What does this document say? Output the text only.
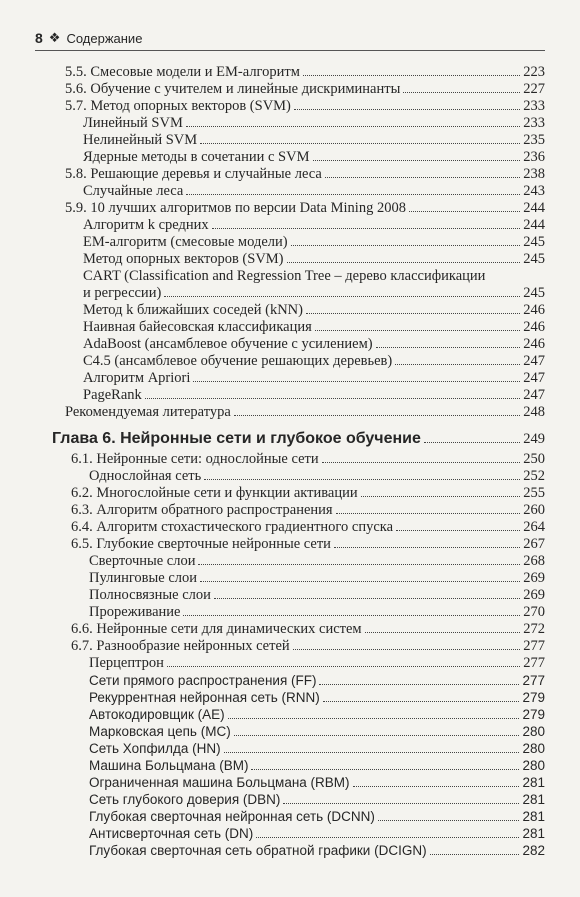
8 ❖ Содержание
5.5. Смесовые модели и EM-алгоритм	223
5.6. Обучение с учителем и линейные дискриминанты	227
5.7. Метод опорных векторов (SVM)	233
Линейный SVM	233
Нелинейный SVM	235
Ядерные методы в сочетании с SVM	236
5.8. Решающие деревья и случайные леса	238
Случайные леса	243
5.9. 10 лучших алгоритмов по версии Data Mining 2008	244
Алгоритм k средних	244
EM-алгоритм (смесовые модели)	245
Метод опорных векторов (SVM)	245
CART (Classification and Regression Tree – дерево классификации
и регрессии)	245
Метод k ближайших соседей (kNN)	246
Наивная байесовская классификация	246
AdaBoost (ансамблевое обучение с усилением)	246
C4.5 (ансамблевое обучение решающих деревьев)	247
Алгоритм Apriori	247
PageRank	247
Рекомендуемая литература	248
Глава 6. Нейронные сети и глубокое обучение	249
6.1. Нейронные сети: однослойные сети	250
Однослойная сеть	252
6.2. Многослойные сети и функции активации	255
6.3. Алгоритм обратного распространения	260
6.4. Алгоритм стохастического градиентного спуска	264
6.5. Глубокие сверточные нейронные сети	267
Сверточные слои	268
Пулинговые слои	269
Полносвязные слои	269
Прореживание	270
6.6. Нейронные сети для динамических систем	272
6.7. Разнообразие нейронных сетей	277
Перцептрон	277
Сети прямого распространения (FF)	277
Рекуррентная нейронная сеть (RNN)	279
Автокодировщик (AE)	279
Марковская цепь (MC)	280
Сеть Хопфилда (HN)	280
Машина Больцмана (BM)	280
Ограниченная машина Больцмана (RBM)	281
Сеть глубокого доверия (DBN)	281
Глубокая сверточная нейронная сеть (DCNN)	281
Антисверточная сеть (DN)	281
Глубокая сверточная сеть обратной графики (DCIGN)	282
